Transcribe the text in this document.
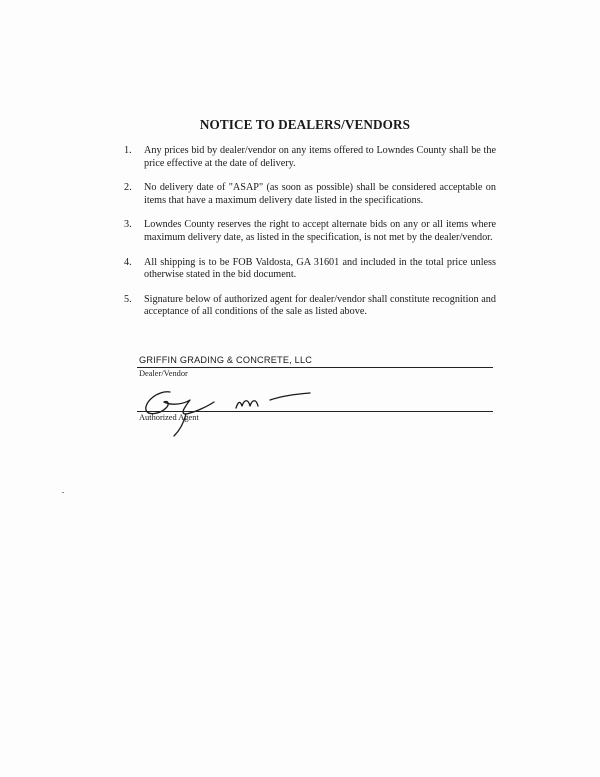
NOTICE TO DEALERS/VENDORS
1. Any prices bid by dealer/vendor on any items offered to Lowndes County shall be the price effective at the date of delivery.
2. No delivery date of "ASAP" (as soon as possible) shall be considered acceptable on items that have a maximum delivery date listed in the specifications.
3. Lowndes County reserves the right to accept alternate bids on any or all items where maximum delivery date, as listed in the specification, is not met by the dealer/vendor.
4. All shipping is to be FOB Valdosta, GA 31601 and included in the total price unless otherwise stated in the bid document.
5. Signature below of authorized agent for dealer/vendor shall constitute recognition and acceptance of all conditions of the sale as listed above.
GRIFFIN GRADING & CONCRETE, LLC
Dealer/Vendor
Authorized Agent
